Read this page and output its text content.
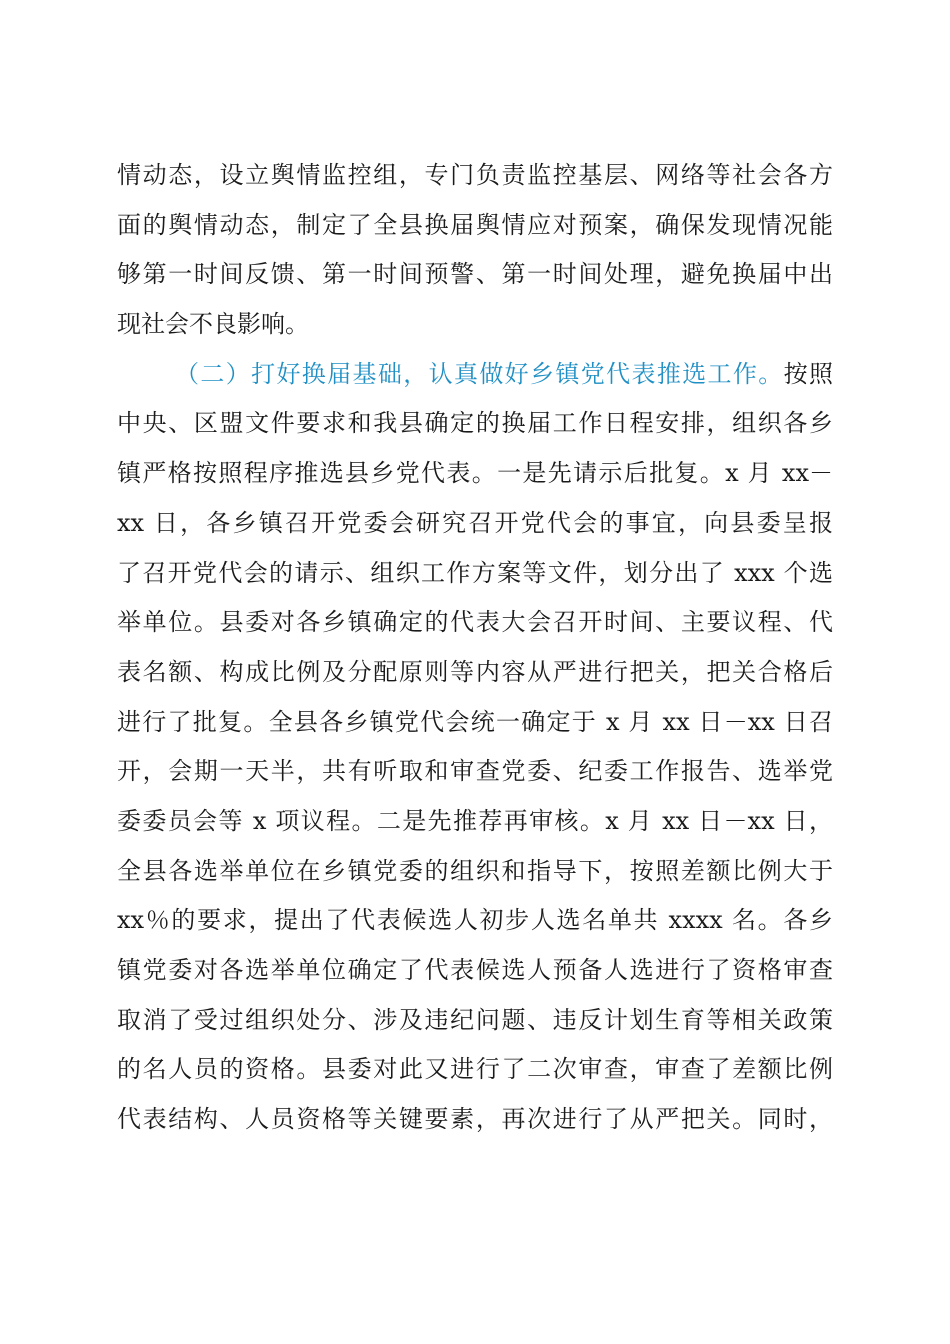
情动态，设立舆情监控组，专门负责监控基层、网络等社会各方
面的舆情动态，制定了全县换届舆情应对预案，确保发现情况能
够第一时间反馈、第一时间预警、第一时间处理，避免换届中出
现社会不良影响。
（二）打好换届基础，认真做好乡镇党代表推选工作。按照
中央、区盟文件要求和我县确定的换届工作日程安排，组织各乡
镇严格按照程序推选县乡党代表。一是先请示后批复。x 月 xx－
xx 日，各乡镇召开党委会研究召开党代会的事宜，向县委呈报
了召开党代会的请示、组织工作方案等文件，划分出了 xxx 个选
举单位。县委对各乡镇确定的代表大会召开时间、主要议程、代
表名额、构成比例及分配原则等内容从严进行把关，把关合格后
进行了批复。全县各乡镇党代会统一确定于 x 月 xx 日－xx 日召
开，会期一天半，共有听取和审查党委、纪委工作报告、选举党
委委员会等 x 项议程。二是先推荐再审核。x 月 xx 日－xx 日，
全县各选举单位在乡镇党委的组织和指导下，按照差额比例大于
xx％的要求，提出了代表候选人初步人选名单共 xxxx 名。各乡
镇党委对各选举单位确定了代表候选人预备人选进行了资格审查
取消了受过组织处分、涉及违纪问题、违反计划生育等相关政策
的名人员的资格。县委对此又进行了二次审查，审查了差额比例
代表结构、人员资格等关键要素，再次进行了从严把关。同时，
